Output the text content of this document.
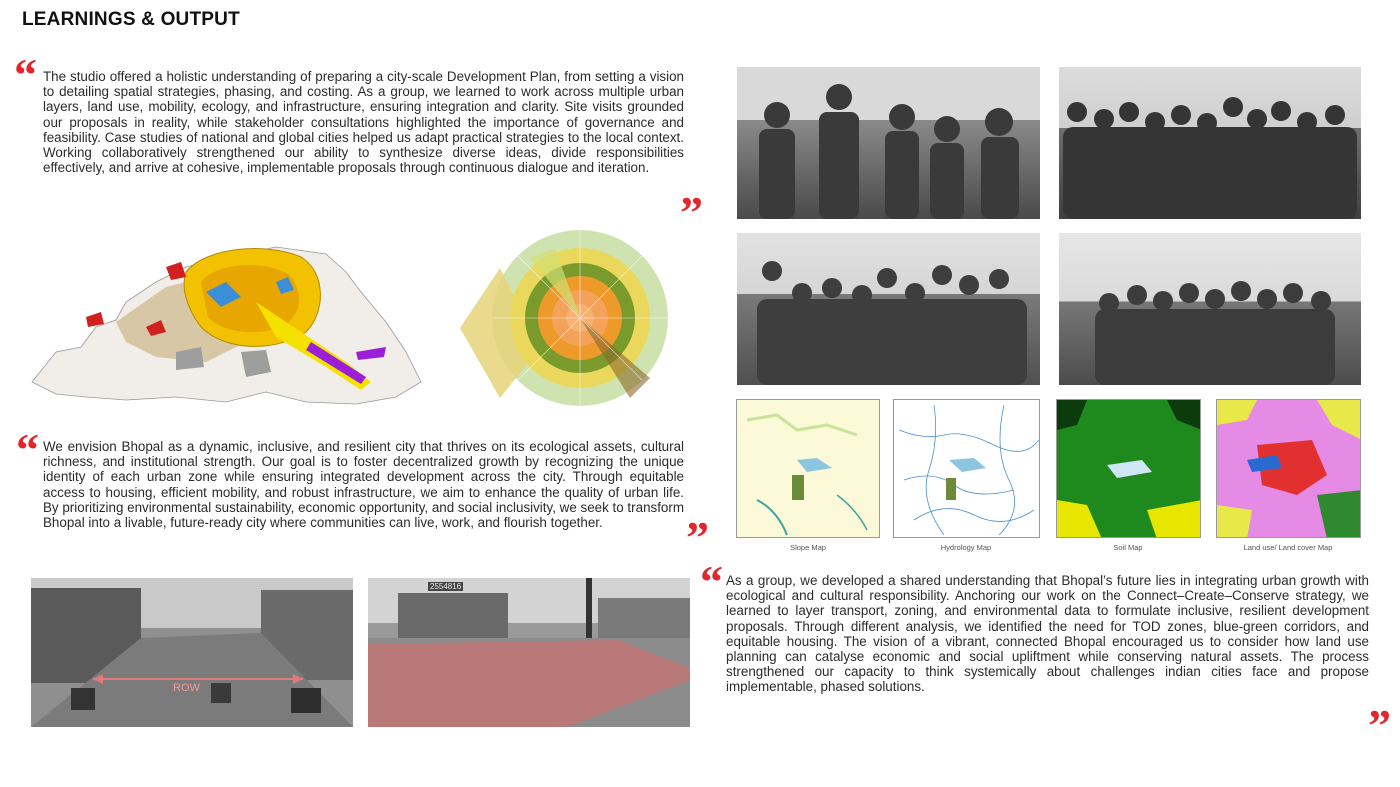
LEARNINGS & OUTPUT
“ The studio offered a holistic understanding of preparing a city-scale Development Plan, from setting a vision to detailing spatial strategies, phasing, and costing. As a group, we learned to work across multiple urban layers, land use, mobility, ecology, and infrastructure, ensuring integration and clarity. Site visits grounded our proposals in reality, while stakeholder consultations highlighted the importance of governance and feasibility. Case studies of national and global cities helped us adapt practical strategies to the local context. Working collaboratively strengthened our ability to synthesize diverse ideas, divide responsibilities effectively, and arrive at cohesive, implementable proposals through continuous dialogue and iteration.
”
“ We envision Bhopal as a dynamic, inclusive, and resilient city that thrives on its ecological assets, cultural richness, and institutional strength. Our goal is to foster decentralized growth by recognizing the unique identity of each urban zone while ensuring integrated development across the city. Through equitable access to housing, efficient mobility, and robust infrastructure, we aim to enhance the quality of urban life. By prioritizing environmental sustainability, economic opportunity, and social inclusivity, we seek to transform Bhopal into a livable, future-ready city where communities can live, work, and flourish together.	”
ROW
2554816
Slope Map	Hydrology Map	Soil Map	Land use/ Land cover Map
“ As a group, we developed a shared understanding that Bhopal’s future lies in integrating urban growth with ecological and cultural responsibility. Anchoring our work on the Connect–Create–Conserve strategy, we learned to layer transport, zoning, and environmental data to formulate inclusive, resilient development proposals. Through different analysis, we identified the need for TOD zones, blue-green corridors, and equitable housing. The vision of a vibrant, connected Bhopal encouraged us to consider how land use planning can catalyse economic and social upliftment while conserving natural assets. The process strengthened our capacity to think systemically about challenges indian cities face and propose implementable, phased solutions.
”
